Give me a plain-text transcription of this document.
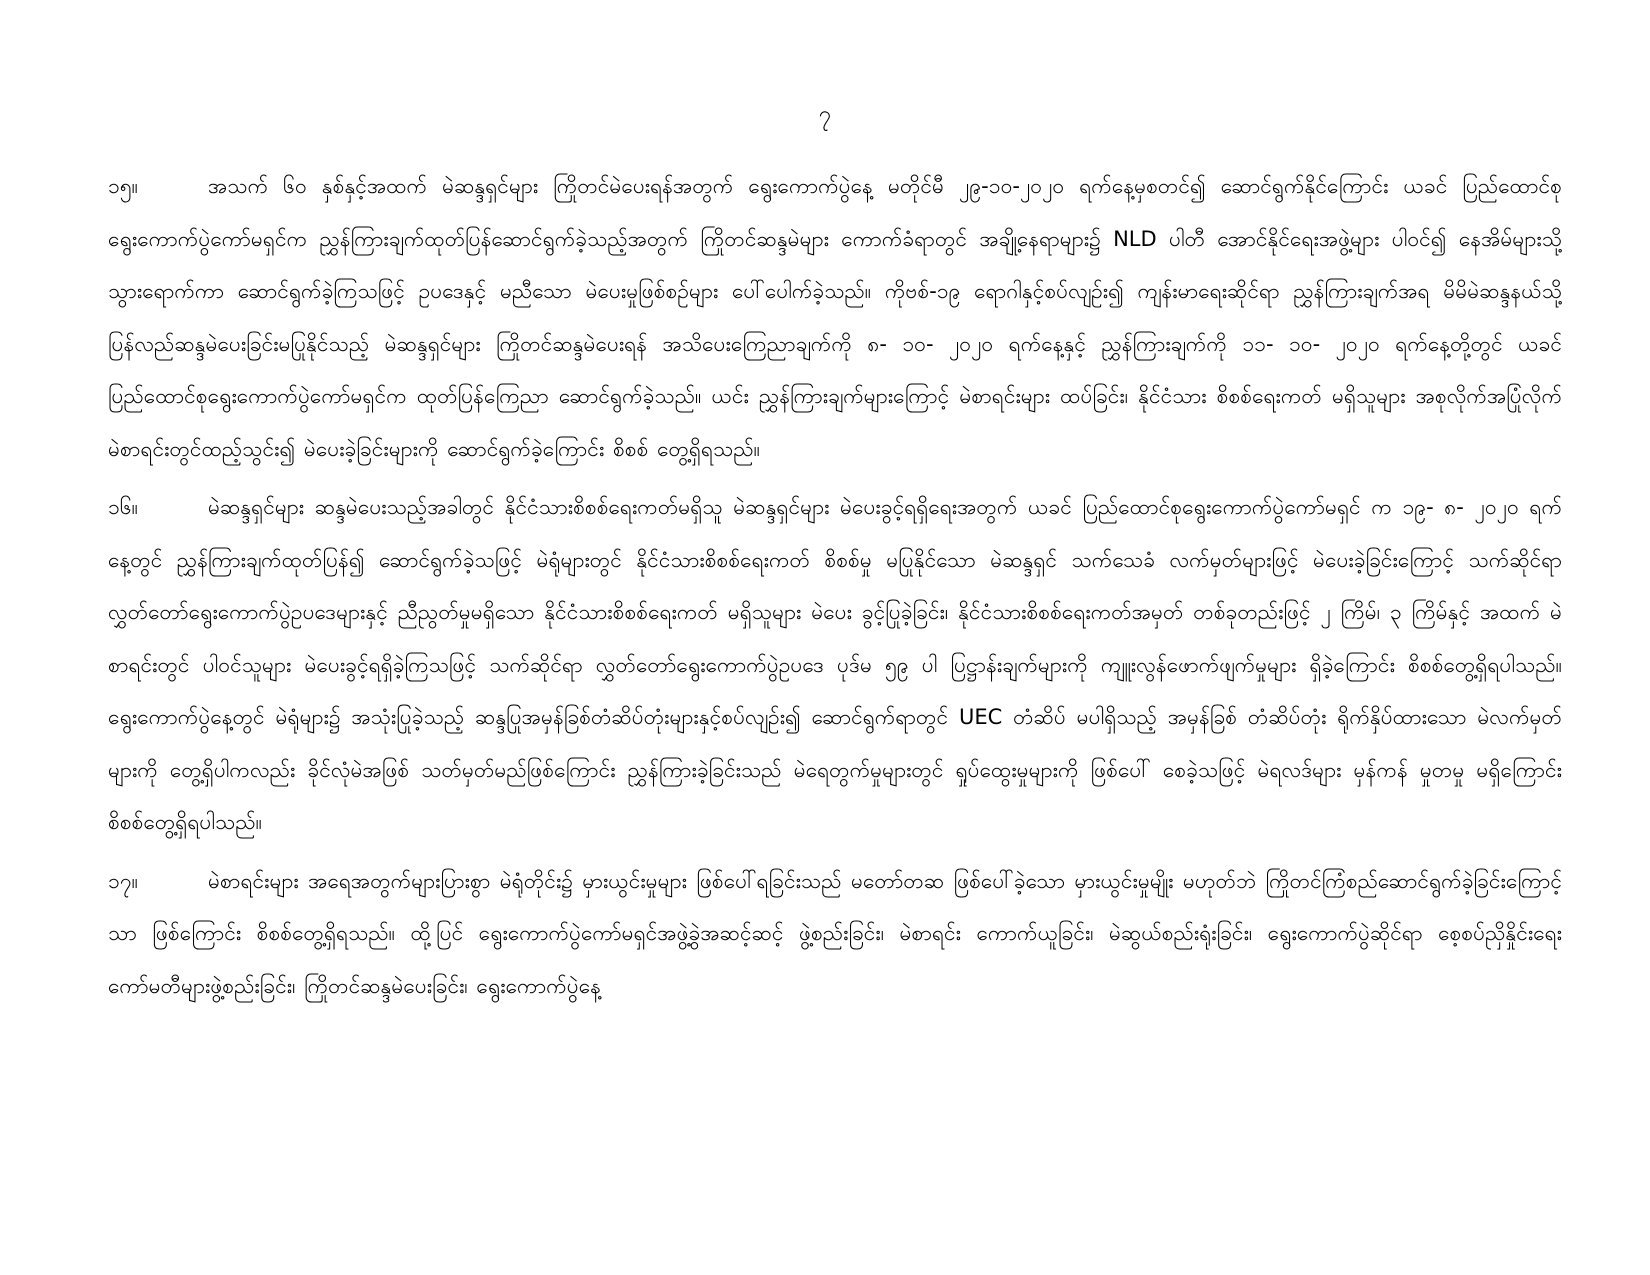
၇

၁၅။	အသက် ၆၀ နှစ်နှင့်အထက် မဲဆန္ဒရှင်များ ကြိုတင်မဲပေးရန်အတွက် ရွေးကောက်ပွဲနေ့ မတိုင်မီ ၂၉-၁၀-၂၀၂၀ ရက်နေ့မှစတင်၍ ဆောင်ရွက်နိုင်ကြောင်း ယခင် ပြည်ထောင်စု ရွေးကောက်ပွဲကော်မရှင်က ညွှန်ကြားချက်ထုတ်ပြန်ဆောင်ရွက်ခဲ့သည့်အတွက် ကြိုတင်ဆန္ဒမဲများ ကောက်ခံရာတွင် အချို့နေရာများ၌ NLD ပါတီ အောင်နိုင်ရေးအဖွဲ့များ ပါဝင်၍ နေအိမ်များသို့ သွားရောက်ကာ ဆောင်ရွက်ခဲ့ကြသဖြင့် ဥပဒေနှင့် မညီသော မဲပေးမှုဖြစ်စဉ်များ ပေါ်ပေါက်ခဲ့သည်။ ကိုဗစ်-၁၉ ရောဂါနှင့်စပ်လျဉ်း၍ ကျန်းမာရေးဆိုင်ရာ ညွှန်ကြားချက်အရ မိမိမဲဆန္ဒနယ်သို့ ပြန်လည်ဆန္ဒမဲပေးခြင်းမပြုနိုင်သည့် မဲဆန္ဒရှင်များ ကြိုတင်ဆန္ဒမဲပေးရန် အသိပေးကြေညာချက်ကို ၈- ၁၀- ၂၀၂၀ ရက်နေ့နှင့် ညွှန်ကြားချက်ကို ၁၁- ၁၀- ၂၀၂၀ ရက်နေ့တို့တွင် ယခင် ပြည်ထောင်စုရွေးကောက်ပွဲကော်မရှင်က ထုတ်ပြန်ကြေညာ ဆောင်ရွက်ခဲ့သည်။ ယင်း ညွှန်ကြားချက်များကြောင့် မဲစာရင်းများ ထပ်ခြင်း၊ နိုင်ငံသား စိစစ်ရေးကတ် မရှိသူများ အစုလိုက်အပြုံလိုက် မဲစာရင်းတွင်ထည့်သွင်း၍ မဲပေးခဲ့ခြင်းများကို ဆောင်ရွက်ခဲ့ကြောင်း စိစစ် တွေ့ရှိရသည်။

၁၆။	မဲဆန္ဒရှင်များ ဆန္ဒမဲပေးသည့်အခါတွင် နိုင်ငံသားစိစစ်ရေးကတ်မရှိသူ မဲဆန္ဒရှင်များ မဲပေးခွင့်ရရှိရေးအတွက် ယခင် ပြည်ထောင်စုရွေးကောက်ပွဲကော်မရှင် က ၁၉- ၈- ၂၀၂၀ ရက်နေ့တွင် ညွှန်ကြားချက်ထုတ်ပြန်၍ ဆောင်ရွက်ခဲ့သဖြင့် မဲရုံများတွင် နိုင်ငံသားစိစစ်ရေးကတ် စိစစ်မှု မပြုနိုင်သော မဲဆန္ဒရှင် သက်သေခံ လက်မှတ်များဖြင့် မဲပေးခဲ့ခြင်းကြောင့် သက်ဆိုင်ရာ လွှတ်တော်ရွေးကောက်ပွဲဥပဒေများနှင့် ညီညွတ်မှုမရှိသော နိုင်ငံသားစိစစ်ရေးကတ် မရှိသူများ မဲပေး ခွင့်ပြုခဲ့ခြင်း၊ နိုင်ငံသားစိစစ်ရေးကတ်အမှတ် တစ်ခုတည်းဖြင့် ၂ ကြိမ်၊ ၃ ကြိမ်နှင့် အထက် မဲစာရင်းတွင် ပါဝင်သူများ မဲပေးခွင့်ရရှိခဲ့ကြသဖြင့် သက်ဆိုင်ရာ လွှတ်တော်ရွေးကောက်ပွဲဥပဒေ ပုဒ်မ ၅၉ ပါ ပြဋ္ဌာန်းချက်များကို ကျူးလွန်ဖောက်ဖျက်မှုများ ရှိခဲ့ကြောင်း စိစစ်တွေ့ရှိရပါသည်။ ရွေးကောက်ပွဲနေ့တွင် မဲရုံများ၌ အသုံးပြုခဲ့သည့် ဆန္ဒပြုအမှန်ခြစ်တံဆိပ်တုံးများနှင့်စပ်လျဉ်း၍ ဆောင်ရွက်ရာတွင် UEC တံဆိပ် မပါရှိသည့် အမှန်ခြစ် တံဆိပ်တုံး ရိုက်နှိပ်ထားသော မဲလက်မှတ်များကို တွေ့ရှိပါကလည်း ခိုင်လုံမဲအဖြစ် သတ်မှတ်မည်ဖြစ်ကြောင်း ညွှန်ကြားခဲ့ခြင်းသည် မဲရေတွက်မှုများတွင် ရှုပ်ထွေးမှုများကို ဖြစ်ပေါ် စေခဲ့သဖြင့် မဲရလဒ်များ မှန်ကန် မှုတမှု မရှိကြောင်း စိစစ်တွေ့ရှိရပါသည်။

၁၇။	မဲစာရင်းများ အရေအတွက်များပြားစွာ မဲရုံတိုင်း၌ မှားယွင်းမှုများ ဖြစ်ပေါ်ရခြင်းသည် မတော်တဆ ဖြစ်ပေါ်ခဲ့သော မှားယွင်းမှုမျိုး မဟုတ်ဘဲ ကြိုတင်ကြံစည်ဆောင်ရွက်ခဲ့ခြင်းကြောင့်သာ ဖြစ်ကြောင်း စိစစ်တွေ့ရှိရသည်။ ထို့ပြင် ရွေးကောက်ပွဲကော်မရှင်အဖွဲ့ခွဲအဆင့်ဆင့် ဖွဲ့စည်းခြင်း၊ မဲစာရင်း ကောက်ယူခြင်း၊ မဲဆွယ်စည်းရုံးခြင်း၊ ရွေးကောက်ပွဲဆိုင်ရာ စေ့စပ်ညှိနှိုင်းရေး ကော်မတီများဖွဲ့စည်းခြင်း၊ ကြိုတင်ဆန္ဒမဲပေးခြင်း၊ ရွေးကောက်ပွဲနေ့
